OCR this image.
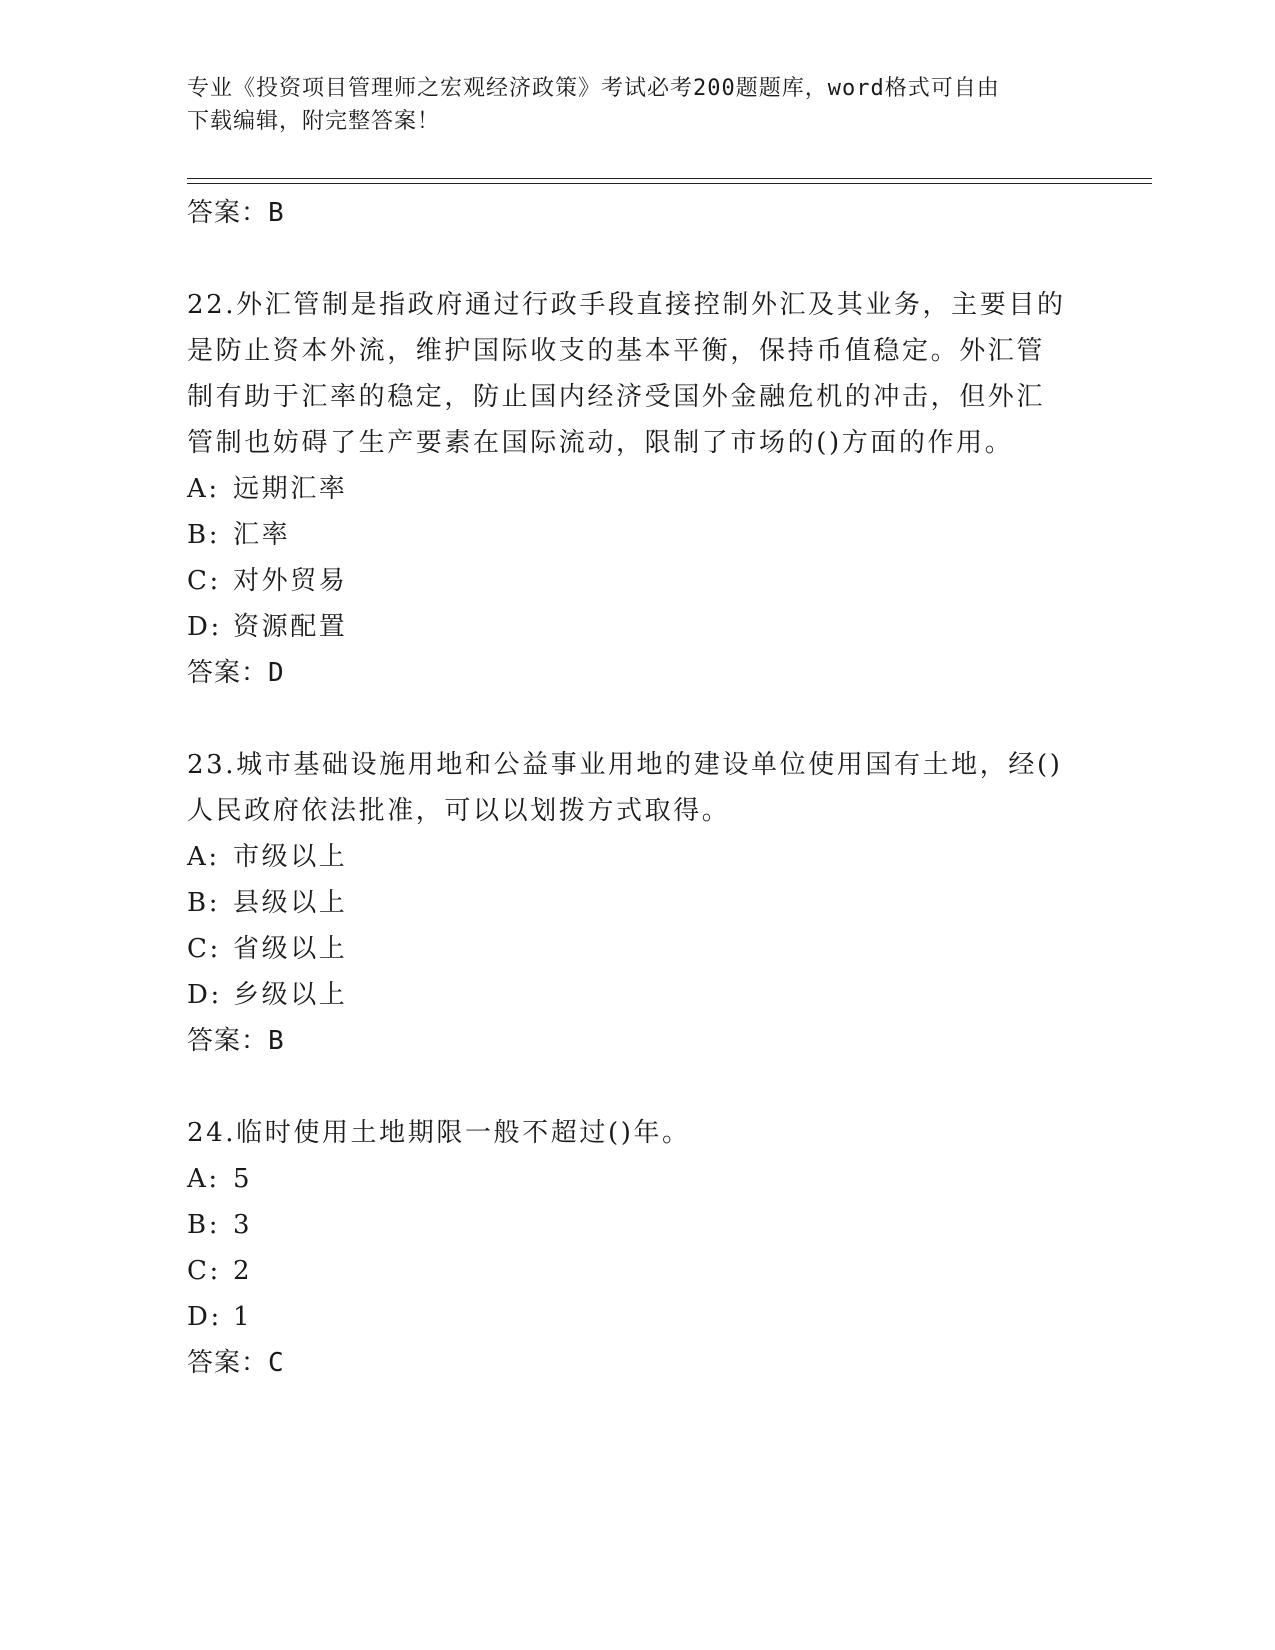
专业《投资项目管理师之宏观经济政策》考试必考200题题库，word格式可自由
下载编辑，附完整答案！
答案：B
22.外汇管制是指政府通过行政手段直接控制外汇及其业务，主要目的
是防止资本外流，维护国际收支的基本平衡，保持币值稳定。外汇管
制有助于汇率的稳定，防止国内经济受国外金融危机的冲击，但外汇
管制也妨碍了生产要素在国际流动，限制了市场的()方面的作用。
A: 远期汇率
B: 汇率
C: 对外贸易
D: 资源配置
答案：D
23.城市基础设施用地和公益事业用地的建设单位使用国有土地，经()
人民政府依法批准，可以以划拨方式取得。
A: 市级以上
B: 县级以上
C: 省级以上
D: 乡级以上
答案：B
24.临时使用土地期限一般不超过()年。
A: 5
B: 3
C: 2
D: 1
答案：C
